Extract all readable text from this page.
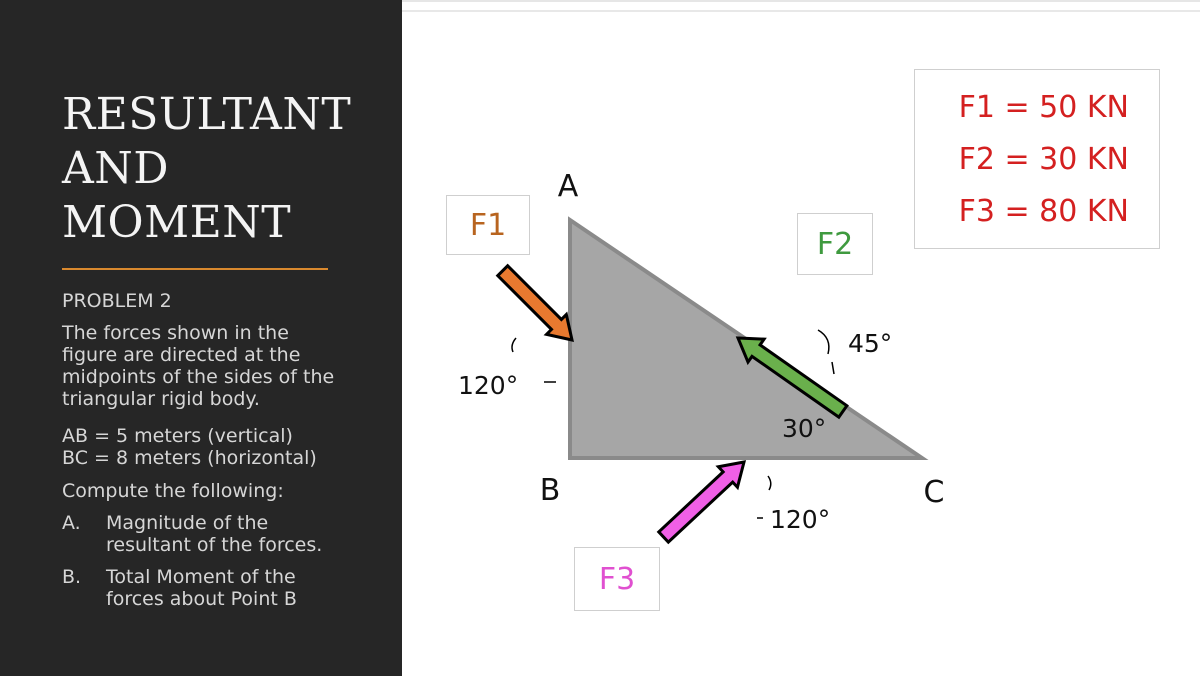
RESULTANT
AND
MOMENT
PROBLEM 2
The forces shown in the
figure are directed at the
midpoints of the sides of the
triangular rigid body.
AB = 5 meters (vertical)
BC = 8 meters (horizontal)
Compute the following:
A. Magnitude of the
resultant of the forces.
B. Total Moment of the
forces about Point B
A
B	C
120°
45°
30°
120°
F1
F2
F3
F1 = 50 KN
F2 = 30 KN
F3 = 80 KN
